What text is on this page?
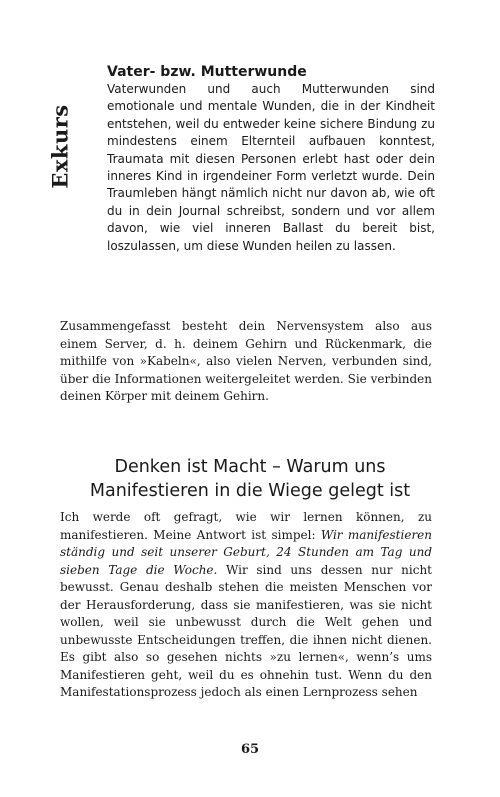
Exkurs
Vater- bzw. Mutterwunde

Vaterwunden und auch Mutterwunden sind emotionale und mentale Wunden, die in der Kindheit entstehen, weil du entweder keine sichere Bindung zu mindestens einem Elternteil aufbauen konntest, Traumata mit diesen Personen erlebt hast oder dein inneres Kind in irgendeiner Form verletzt wurde. Dein Traumleben hängt nämlich nicht nur davon ab, wie oft du in dein Journal schreibst, sondern und vor allem davon, wie viel inneren Ballast du bereit bist, loszulassen, um diese Wunden heilen zu lassen.

Zusammengefasst besteht dein Nervensystem also aus einem Server, d. h. deinem Gehirn und Rückenmark, die mithilfe von »Kabeln«, also vielen Nerven, verbunden sind, über die Informationen weitergeleitet werden. Sie verbinden deinen Körper mit deinem Gehirn.

Denken ist Macht – Warum uns
Manifestieren in die Wiege gelegt ist

Ich werde oft gefragt, wie wir lernen können, zu manifestieren. Meine Antwort ist simpel: Wir manifestieren ständig und seit unserer Geburt, 24 Stunden am Tag und sieben Tage die Woche. Wir sind uns dessen nur nicht bewusst. Genau deshalb stehen die meisten Menschen vor der Herausforderung, dass sie manifestieren, was sie nicht wollen, weil sie unbewusst durch die Welt gehen und unbewusste Entscheidungen treffen, die ihnen nicht dienen. Es gibt also so gesehen nichts »zu lernen«, wenn’s ums Manifestieren geht, weil du es ohnehin tust. Wenn du den Manifestationsprozess jedoch als einen Lernprozess sehen

65
